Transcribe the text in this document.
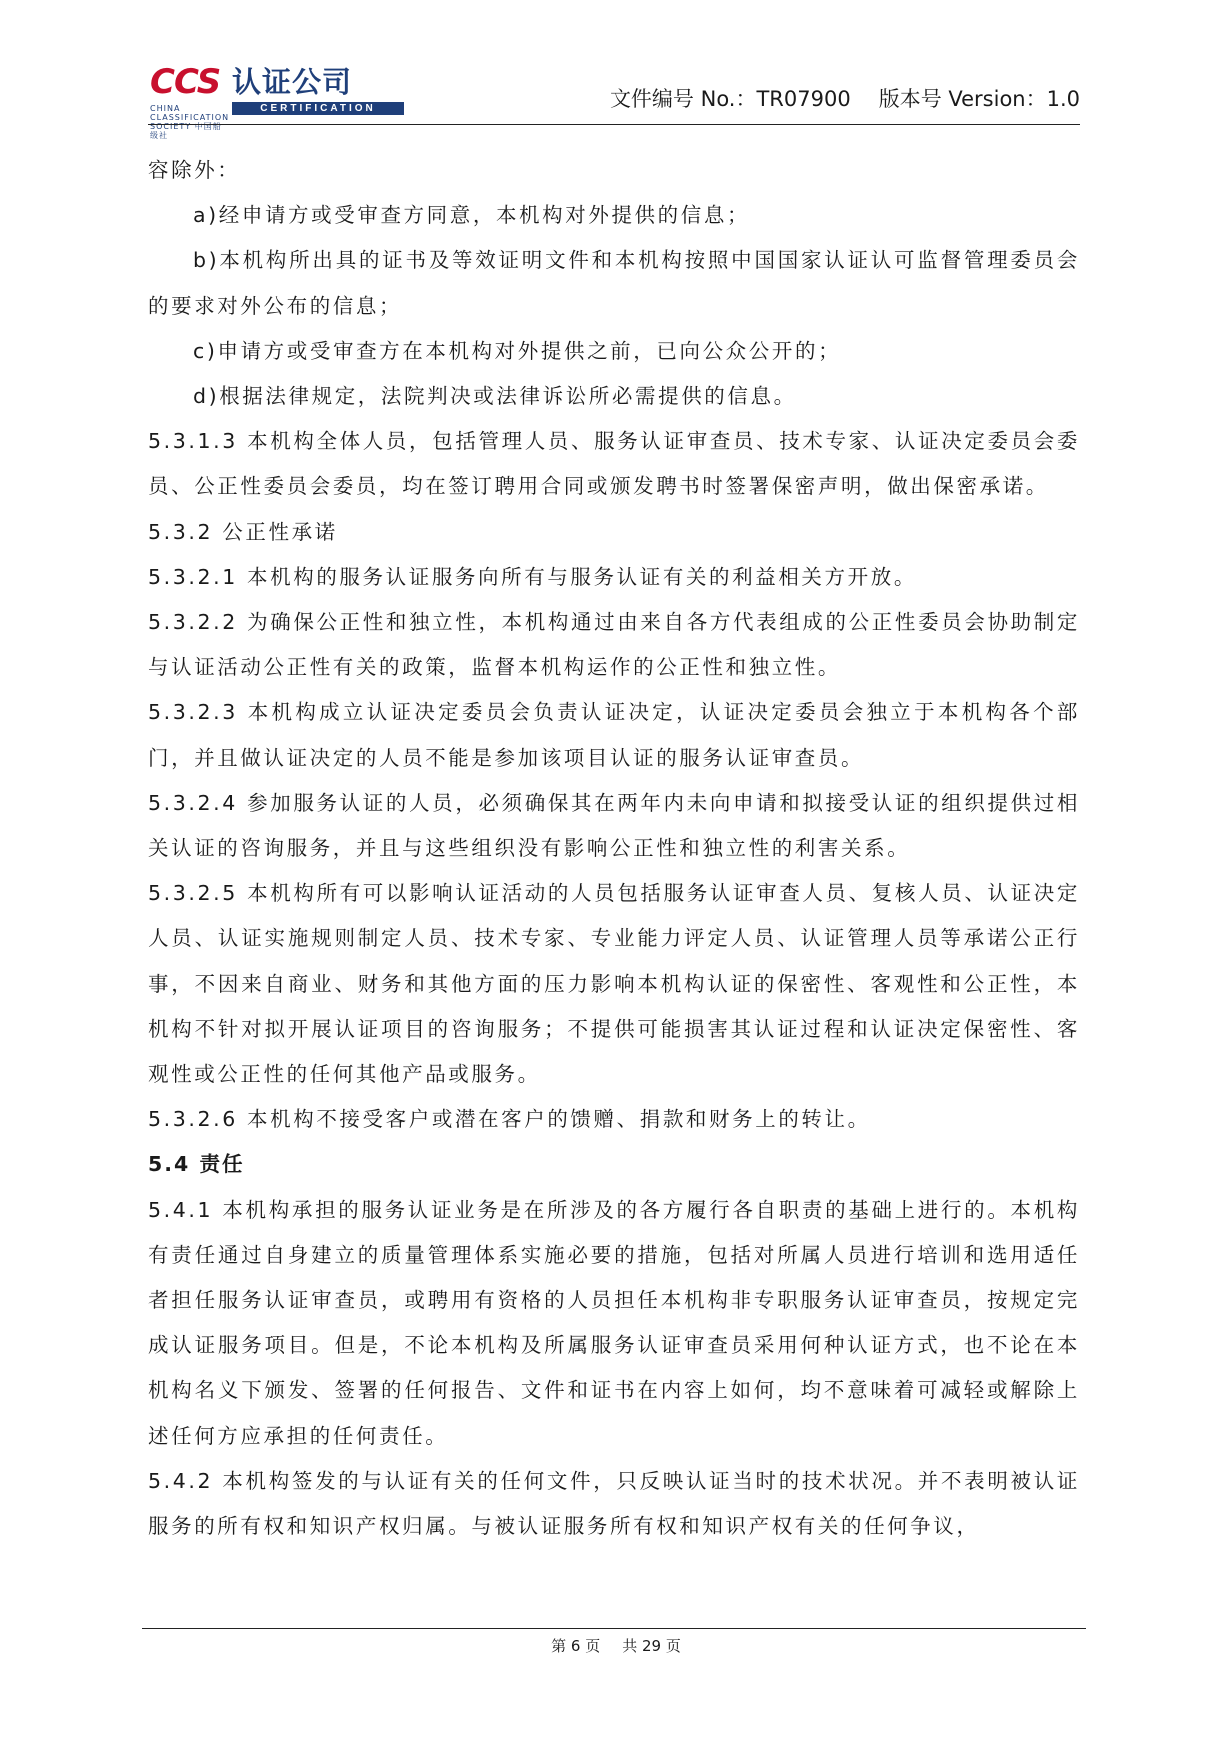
CCS 认证公司
CHINA CLASSIFICATION SOCIETY 中国船级社
CERTIFICATION	文件编号 No.：TR07900 版本号 Version：1.0

容除外：

a)经申请方或受审查方同意，本机构对外提供的信息；

b)本机构所出具的证书及等效证明文件和本机构按照中国国家认证认可监督管理委员会的要求对外公布的信息；

c)申请方或受审查方在本机构对外提供之前，已向公众公开的；

d)根据法律规定，法院判决或法律诉讼所必需提供的信息。

5.3.1.3 本机构全体人员，包括管理人员、服务认证审查员、技术专家、认证决定委员会委员、公正性委员会委员，均在签订聘用合同或颁发聘书时签署保密声明，做出保密承诺。

5.3.2 公正性承诺

5.3.2.1 本机构的服务认证服务向所有与服务认证有关的利益相关方开放。

5.3.2.2 为确保公正性和独立性，本机构通过由来自各方代表组成的公正性委员会协助制定与认证活动公正性有关的政策，监督本机构运作的公正性和独立性。

5.3.2.3 本机构成立认证决定委员会负责认证决定，认证决定委员会独立于本机构各个部门，并且做认证决定的人员不能是参加该项目认证的服务认证审查员。

5.3.2.4 参加服务认证的人员，必须确保其在两年内未向申请和拟接受认证的组织提供过相关认证的咨询服务，并且与这些组织没有影响公正性和独立性的利害关系。

5.3.2.5 本机构所有可以影响认证活动的人员包括服务认证审查人员、复核人员、认证决定人员、认证实施规则制定人员、技术专家、专业能力评定人员、认证管理人员等承诺公正行事，不因来自商业、财务和其他方面的压力影响本机构认证的保密性、客观性和公正性，本机构不针对拟开展认证项目的咨询服务；不提供可能损害其认证过程和认证决定保密性、客观性或公正性的任何其他产品或服务。

5.3.2.6 本机构不接受客户或潜在客户的馈赠、捐款和财务上的转让。

5.4 责任

5.4.1 本机构承担的服务认证业务是在所涉及的各方履行各自职责的基础上进行的。本机构有责任通过自身建立的质量管理体系实施必要的措施，包括对所属人员进行培训和选用适任者担任服务认证审查员，或聘用有资格的人员担任本机构非专职服务认证审查员，按规定完成认证服务项目。但是，不论本机构及所属服务认证审查员采用何种认证方式，也不论在本机构名义下颁发、签署的任何报告、文件和证书在内容上如何，均不意味着可减轻或解除上述任何方应承担的任何责任。

5.4.2 本机构签发的与认证有关的任何文件，只反映认证当时的技术状况。并不表明被认证服务的所有权和知识产权归属。与被认证服务所有权和知识产权有关的任何争议，

第 6 页 共 29 页
